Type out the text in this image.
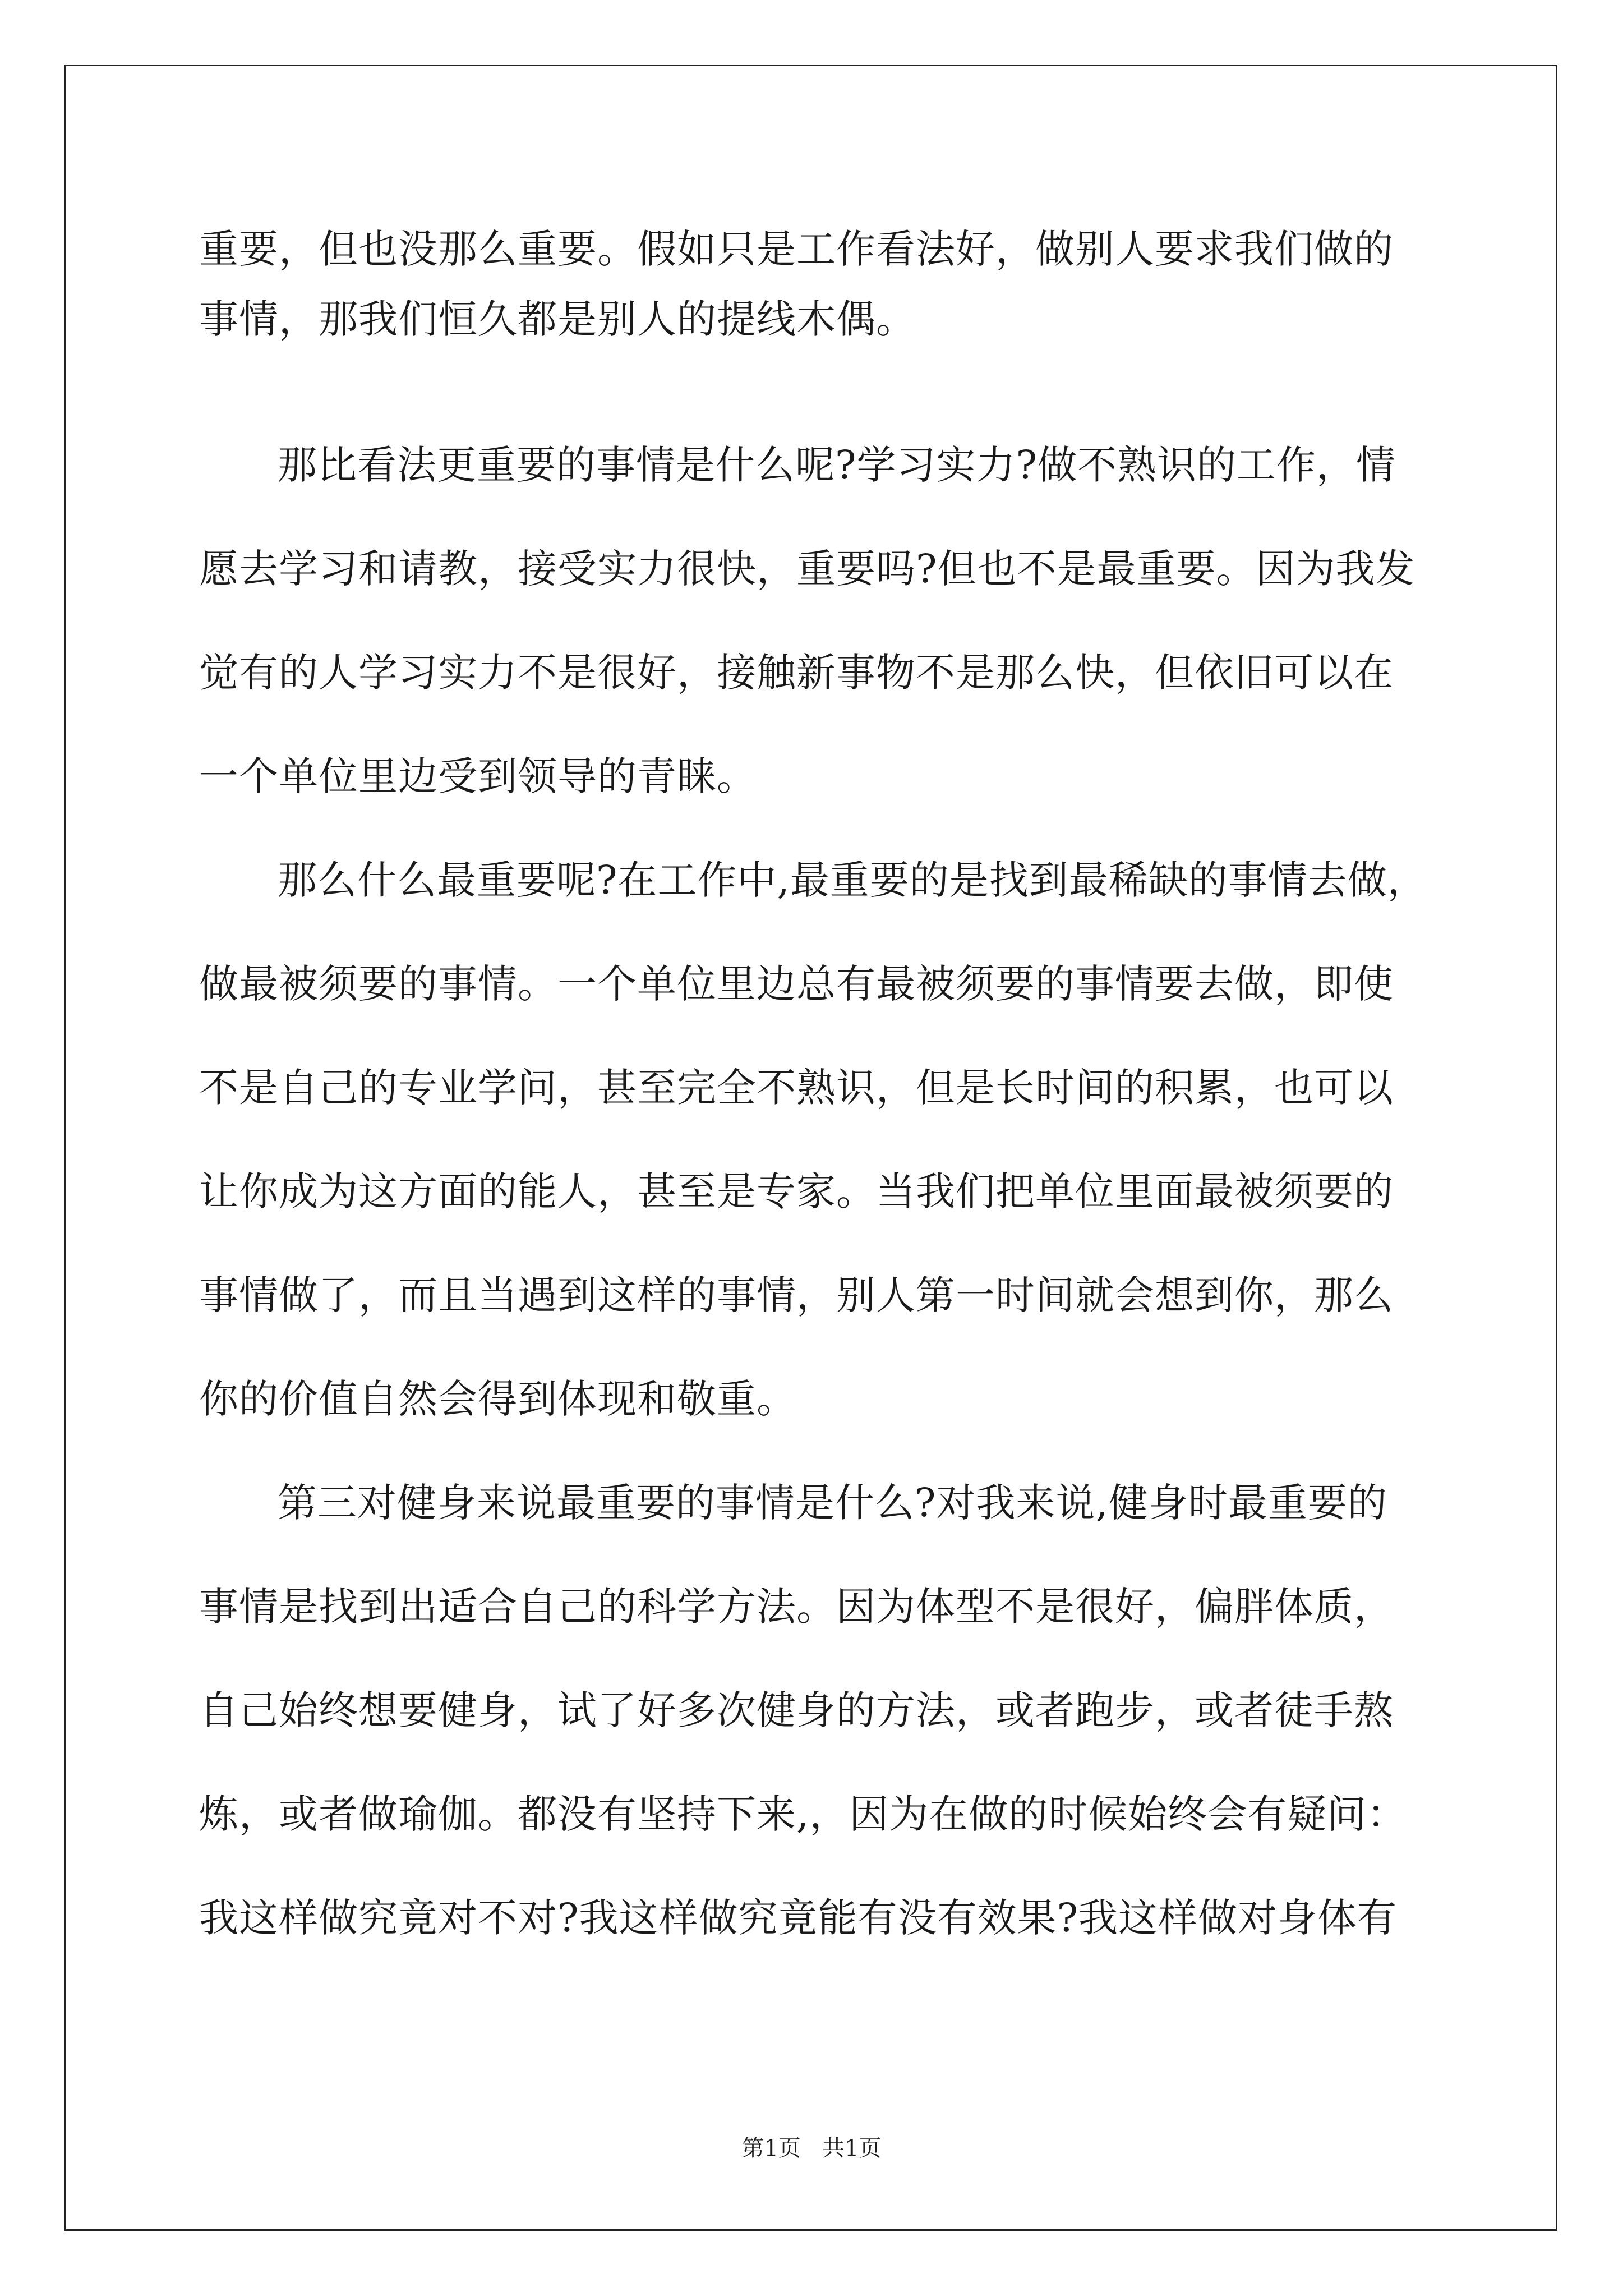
重要，但也没那么重要。假如只是工作看法好，做别人要求我们做的
事情，那我们恒久都是别人的提线木偶。
那比看法更重要的事情是什么呢?学习实力?做不熟识的工作，情
愿去学习和请教，接受实力很快，重要吗?但也不是最重要。因为我发
觉有的人学习实力不是很好，接触新事物不是那么快，但依旧可以在
一个单位里边受到领导的青睐。
那么什么最重要呢?在工作中,最重要的是找到最稀缺的事情去做，
做最被须要的事情。一个单位里边总有最被须要的事情要去做，即使
不是自己的专业学问，甚至完全不熟识，但是长时间的积累，也可以
让你成为这方面的能人，甚至是专家。当我们把单位里面最被须要的
事情做了，而且当遇到这样的事情，别人第一时间就会想到你，那么
你的价值自然会得到体现和敬重。
第三对健身来说最重要的事情是什么?对我来说,健身时最重要的
事情是找到出适合自己的科学方法。因为体型不是很好，偏胖体质，
自己始终想要健身，试了好多次健身的方法，或者跑步，或者徒手熬
炼，或者做瑜伽。都没有坚持下来,，因为在做的时候始终会有疑问：
我这样做究竟对不对?我这样做究竟能有没有效果?我这样做对身体有
第1页   共1页
